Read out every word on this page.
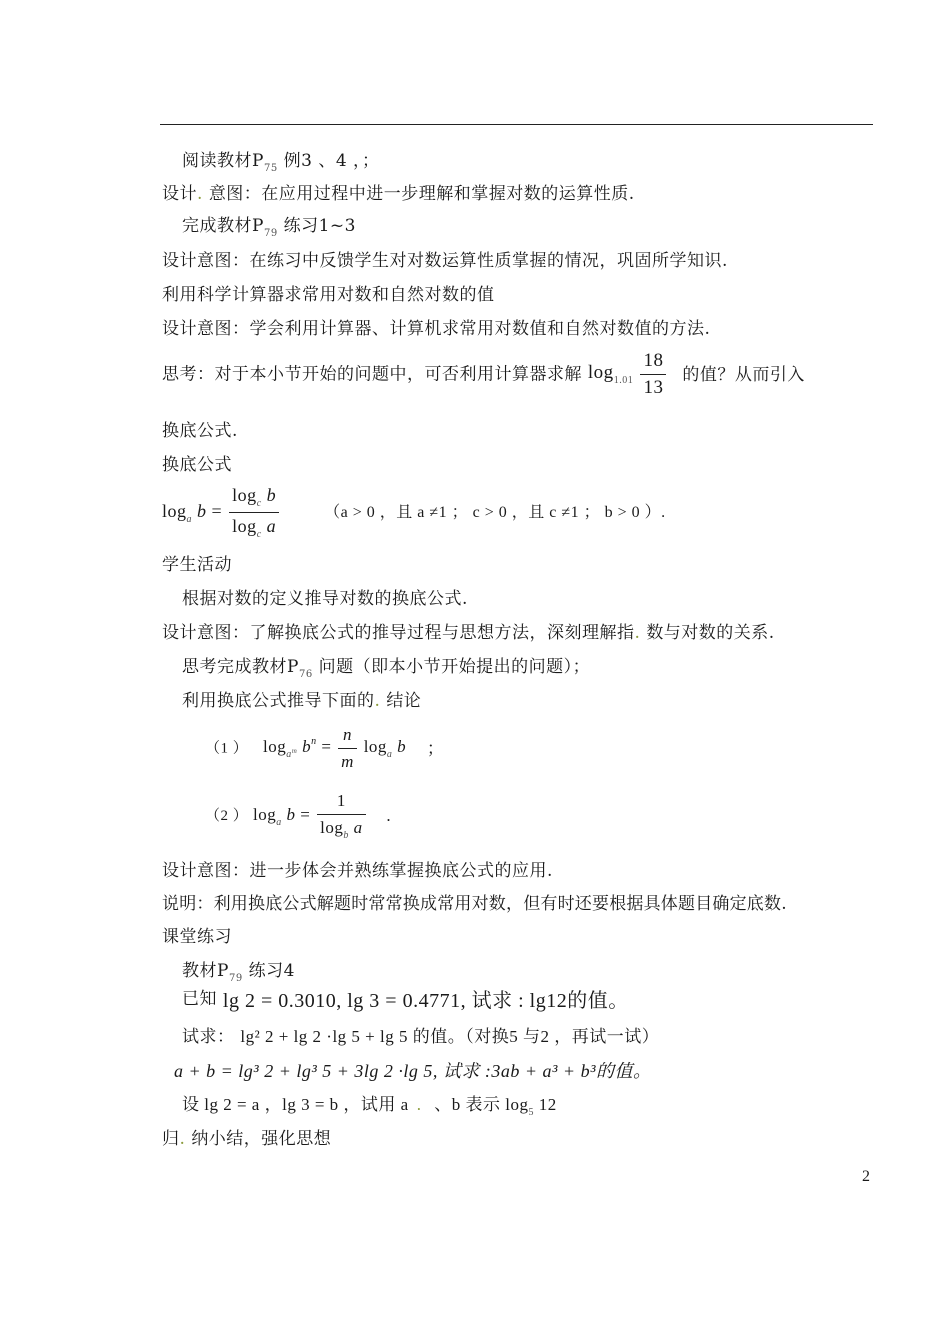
阅读教材$P_{75}$ 例3 、4 ，；
设计. 意图：在应用过程中进一步理解和掌握对数的运算性质.
完成教材$P_{79}$ 练习1~3
设计意图：在练习中反馈学生对对数运算性质掌握的情况，巩固所学知识.
利用科学计算器求常用对数和自然对数的值
设计意图：学会利用计算器、计算机求常用对数值和自然对数值的方法.
思考：对于本小节开始的问题中，可否利用计算器求解 $\log_{1.01} \frac{18}{13}$ 的值？从而引入
换底公式.
换底公式
$\log_a b = \frac{\log_c b}{\log_c a}$	（a > 0 ，且 a ≠1 ； c > 0 ，且 c ≠1 ； b > 0 ）.
学生活动
根据对数的定义推导对数的换底公式.
设计意图：了解换底公式的推导过程与思想方法，深刻理解指. 数与对数的关系.
思考完成教材$P_{76}$ 问题（即本小节开始提出的问题）；
利用换底公式推导下面的. 结论
（1 ） $\log_{a^m} b^n = \frac{n}{m} \log_a b$ ；
（2 ） $\log_a b = \frac{1}{\log_b a}$ .
设计意图：进一步体会并熟练掌握换底公式的应用.
说明：利用换底公式解题时常常换成常用对数，但有时还要根据具体题目确定底数.
课堂练习
教材$P_{79}$ 练习4
已知 lg 2 = 0.3010, lg 3 = 0.4771, 试求 : lg12的值。
试求： lg² 2 + lg 2 ·lg 5 + lg 5 的值。（对换5 与2 ，再试一试）
a + b = lg³ 2 + lg³ 5 + 3lg 2 ·lg 5, 试求 :3ab + a³ + b³的值。
设 lg 2 = a ，lg 3 = b ，试用 a . 、b 表示 $\log_5 12$
归. 纳小结，强化思想
2
